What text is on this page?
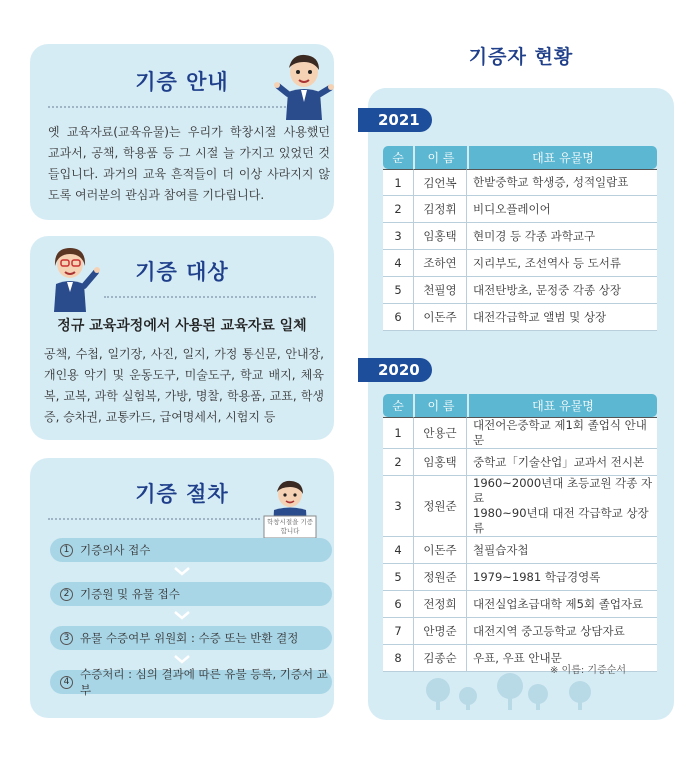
기증 안내
옛 교육자료(교육유물)는 우리가 학창시절 사용했던 교과서, 공책, 학용품 등 그 시절 늘 가지고 있었던 것들입니다. 과거의 교육 흔적들이 더 이상 사라지지 않도록 여러분의 관심과 참여를 기다립니다.
기증 대상
정규 교육과정에서 사용된 교육자료 일체
공책, 수첩, 일기장, 사진, 일지, 가정 통신문, 안내장, 개인용 악기 및 운동도구, 미술도구, 학교 배지, 체육복, 교복, 과학 실험복, 가방, 명찰, 학용품, 교표, 학생증, 승차권, 교통카드, 급여명세서, 시험지 등
기증 절차
학창시절을 기증합니다
1 기증의사 접수
2 기증원 및 유물 접수
3 유물 수증여부 위원회 : 수증 또는 반환 결정
4
수증처리 : 심의 결과에 따른 유물 등록, 기증서 교부
기증자 현황
2021
순	이 름	대표 유물명
1	김언복	한밭중학교 학생증, 성적일람표
2	김정휘	비디오플레이어
3	임홍택	현미경 등 각종 과학교구
4	조하연	지리부도, 조선역사 등 도서류
5	천필영	대전탄방초, 문정중 각종 상장
6	이돈주	대전각급학교 앨범 및 상장
2020
순	이 름	대표 유물명
1	안용근	대전어은중학교 제1회 졸업식 안내문
2	임홍택	중학교「기술산업」교과서 전시본
3	정원준	1960~2000년대 초등교원 각종 자료
1980~90년대 대전 각급학교 상장류

4	이돈주	철필습자첩
5	정원준	1979~1981 학급경영록
6	전정희	대전실업초급대학 제5회 졸업자료
7	안명준	대전지역 중고등학교 상담자료
8	김종순	우표, 우표 안내문
※ 이름: 기증순서
